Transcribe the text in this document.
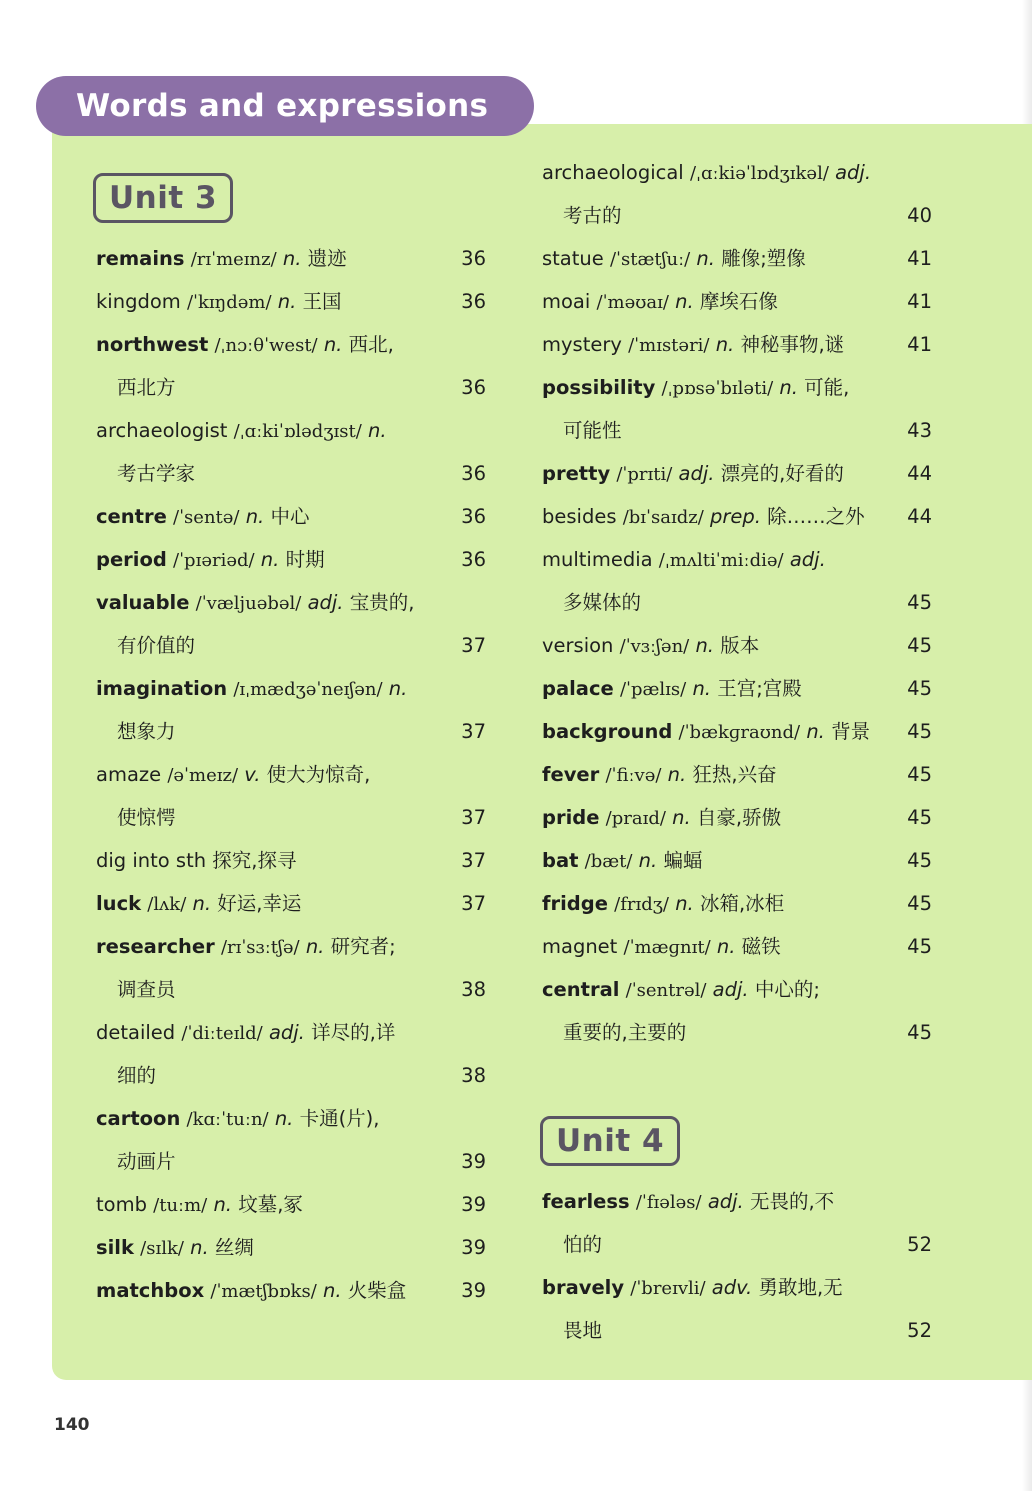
Words and expressions
Unit 3
Unit 4
remains /rɪˈmeɪnz/ n. 遗迹	36
kingdom /ˈkɪŋdəm/ n. 王国	36
northwest /ˌnɔːθˈwest/ n. 西北,
西北方	36
archaeologist /ˌɑːkiˈɒlədʒɪst/ n.
考古学家	36
centre /ˈsentə/ n. 中心	36
period /ˈpɪəriəd/ n. 时期	36
valuable /ˈvæljuəbəl/ adj. 宝贵的,
有价值的	37
imagination /ɪˌmædʒəˈneɪʃən/ n.
想象力	37
amaze /əˈmeɪz/ v. 使大为惊奇,
使惊愕	37
dig into sth 探究,探寻	37
luck /lʌk/ n. 好运,幸运	37
researcher /rɪˈsɜːtʃə/ n. 研究者;
调查员	38
detailed /ˈdiːteɪld/ adj. 详尽的,详
细的	38
cartoon /kɑːˈtuːn/ n. 卡通(片),
动画片	39
tomb /tuːm/ n. 坟墓,冢	39
silk /sɪlk/ n. 丝绸	39
matchbox /ˈmætʃbɒks/ n. 火柴盒	39
archaeological /ˌɑːkiəˈlɒdʒɪkəl/ adj.
考古的	40
statue /ˈstætʃuː/ n. 雕像;塑像	41
moai /ˈməʊaɪ/ n. 摩埃石像	41
mystery /ˈmɪstəri/ n. 神秘事物,谜	41
possibility /ˌpɒsəˈbɪləti/ n. 可能,
可能性	43
pretty /ˈprɪti/ adj. 漂亮的,好看的	44
besides /bɪˈsaɪdz/ prep. 除……之外 44
multimedia /ˌmʌltiˈmiːdiə/ adj.
多媒体的	45
version /ˈvɜːʃən/ n. 版本	45
palace /ˈpælɪs/ n. 王宫;宫殿	45
background /ˈbækɡraʊnd/ n. 背景 45
fever /ˈfiːvə/ n. 狂热,兴奋	45
pride /praɪd/ n. 自豪,骄傲	45
bat /bæt/ n. 蝙蝠	45
fridge /frɪdʒ/ n. 冰箱,冰柜	45
magnet /ˈmæɡnɪt/ n. 磁铁	45
central /ˈsentrəl/ adj. 中心的;
重要的,主要的	45
fearless /ˈfɪələs/ adj. 无畏的,不
怕的	52
bravely /ˈbreɪvli/ adv. 勇敢地,无
畏地	52
140
